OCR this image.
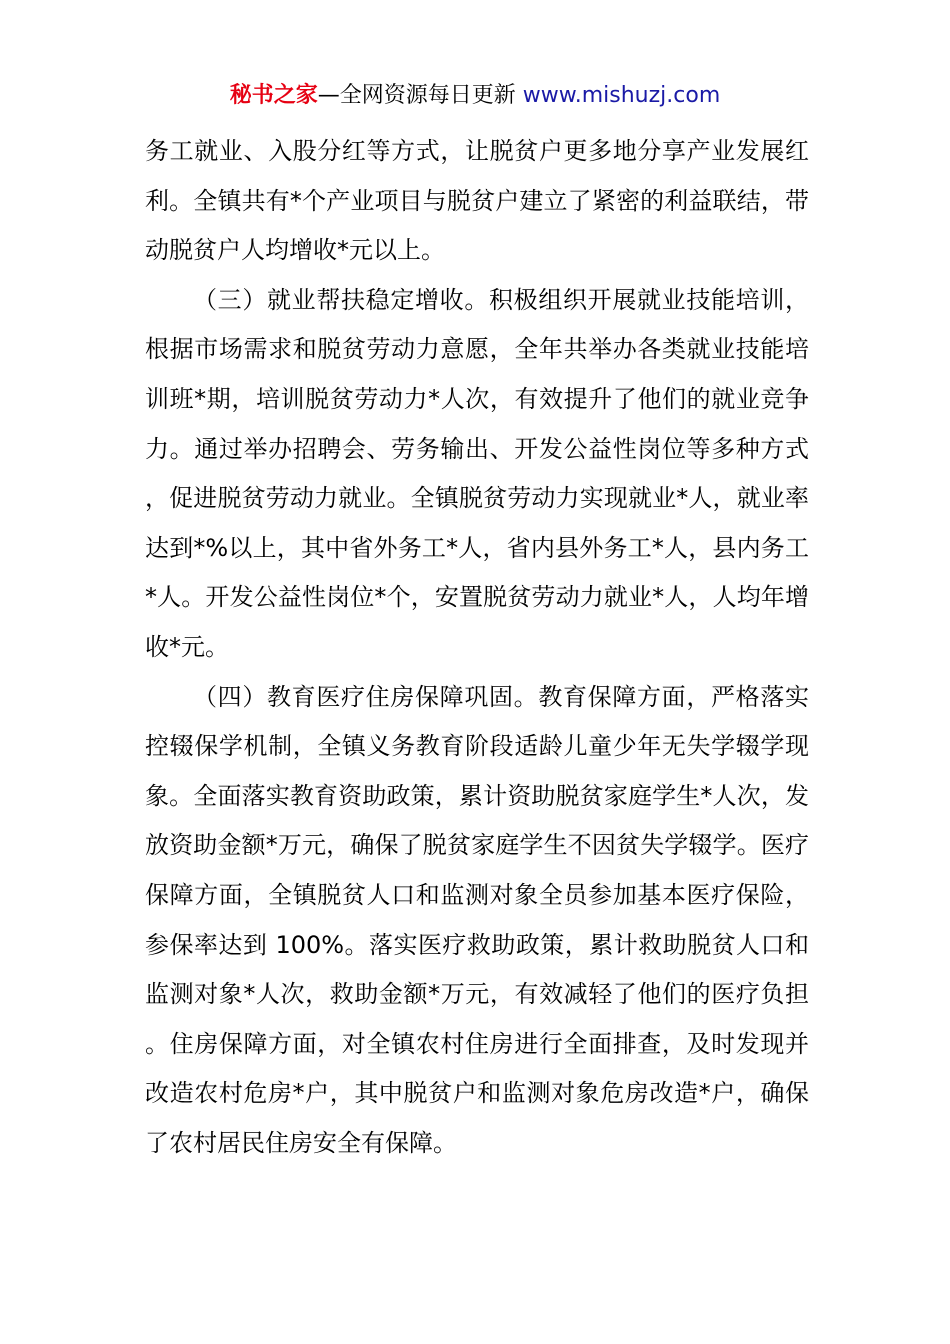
秘书之家—全网资源每日更新 www.mishuzj.com

务工就业、入股分红等方式，让脱贫户更多地分享产业发展红利。全镇共有*个产业项目与脱贫户建立了紧密的利益联结，带动脱贫户人均增收*元以上。

（三）就业帮扶稳定增收。积极组织开展就业技能培训，根据市场需求和脱贫劳动力意愿，全年共举办各类就业技能培训班*期，培训脱贫劳动力*人次，有效提升了他们的就业竞争力。通过举办招聘会、劳务输出、开发公益性岗位等多种方式，促进脱贫劳动力就业。全镇脱贫劳动力实现就业*人，就业率达到*%以上，其中省外务工*人，省内县外务工*人，县内务工*人。开发公益性岗位*个，安置脱贫劳动力就业*人，人均年增收*元。

（四）教育医疗住房保障巩固。教育保障方面，严格落实控辍保学机制，全镇义务教育阶段适龄儿童少年无失学辍学现象。全面落实教育资助政策，累计资助脱贫家庭学生*人次，发放资助金额*万元，确保了脱贫家庭学生不因贫失学辍学。医疗保障方面，全镇脱贫人口和监测对象全员参加基本医疗保险，参保率达到 100%。落实医疗救助政策，累计救助脱贫人口和监测对象*人次，救助金额*万元，有效减轻了他们的医疗负担。住房保障方面，对全镇农村住房进行全面排查，及时发现并改造农村危房*户，其中脱贫户和监测对象危房改造*户，确保了农村居民住房安全有保障。
